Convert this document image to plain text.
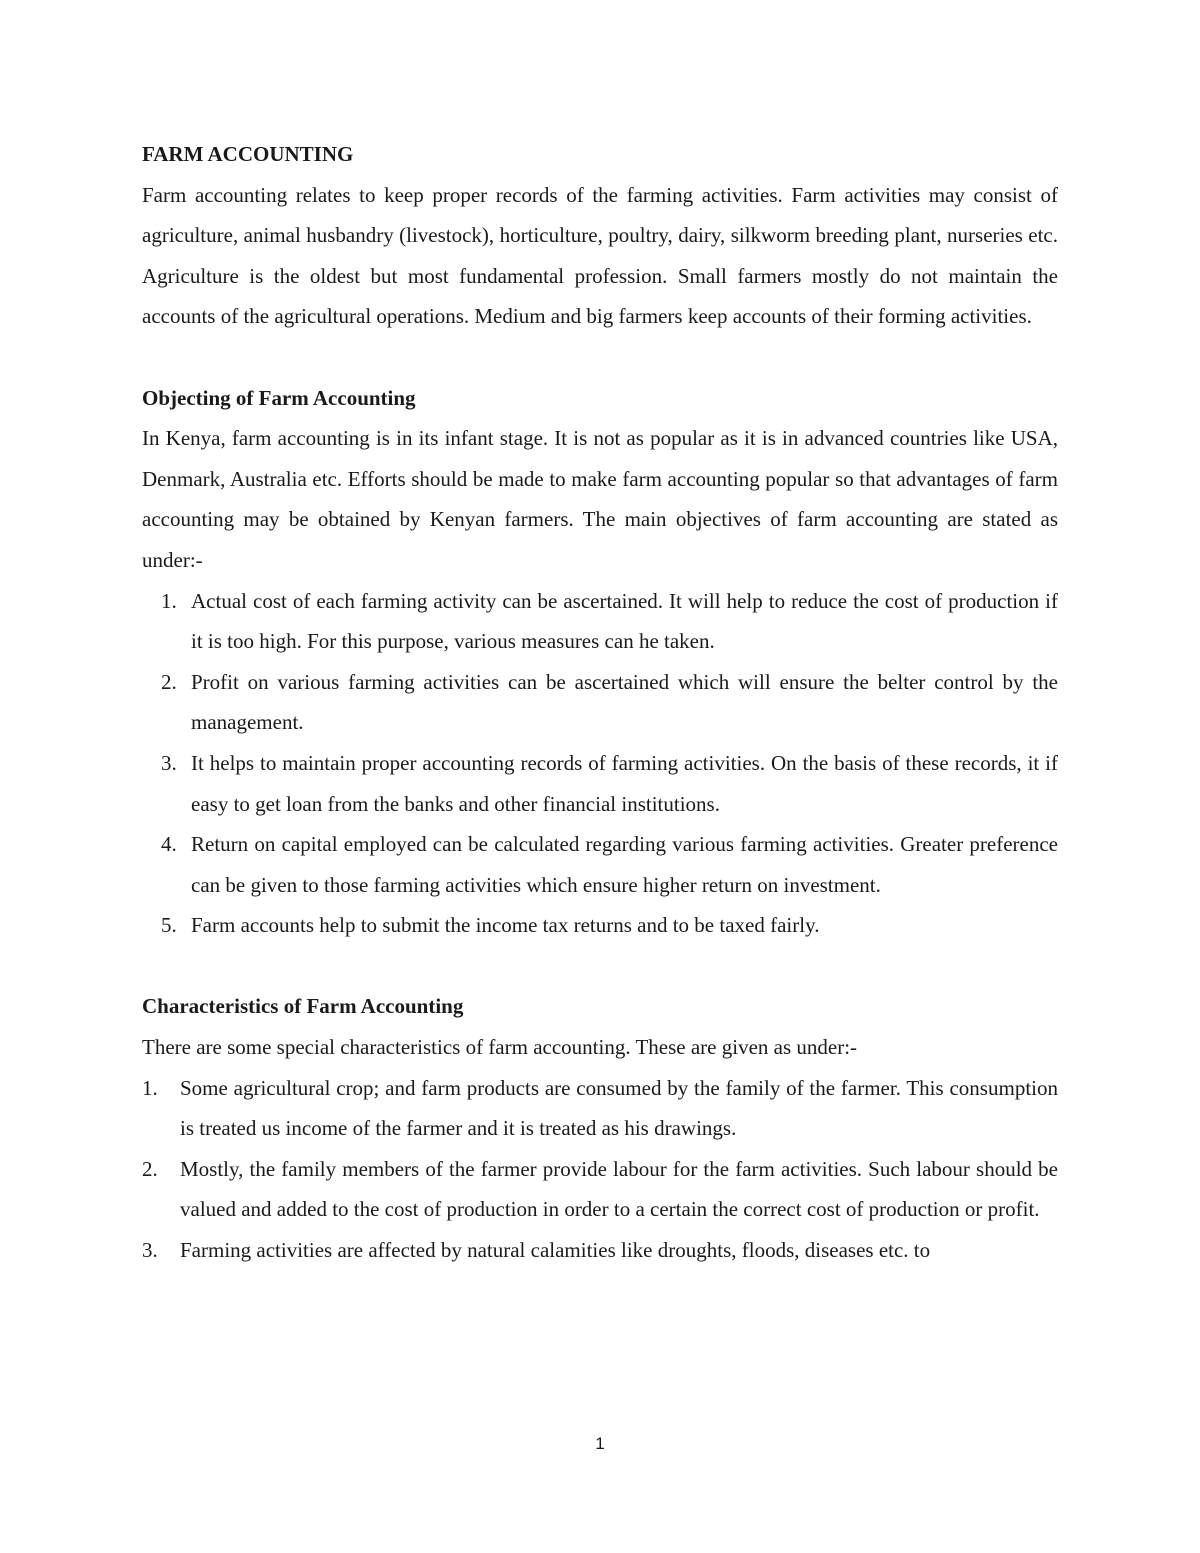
FARM ACCOUNTING

Farm accounting relates to keep proper records of the farming activities. Farm activities may consist of agriculture, animal husbandry (livestock), horticulture, poultry, dairy, silkworm breeding plant, nurseries etc. Agriculture is the oldest but most fundamental profession. Small farmers mostly do not maintain the accounts of the agricultural operations. Medium and big farmers keep accounts of their forming activities.

Objecting of Farm Accounting

In Kenya, farm accounting is in its infant stage. It is not as popular as it is in advanced countries like USA, Denmark, Australia etc. Efforts should be made to make farm accounting popular so that advantages of farm accounting may be obtained by Kenyan farmers. The main objectives of farm accounting are stated as under:-

1. Actual cost of each farming activity can be ascertained. It will help to reduce the cost of production if it is too high. For this purpose, various measures can he taken.
2. Profit on various farming activities can be ascertained which will ensure the belter control by the management.
3. It helps to maintain proper accounting records of farming activities. On the basis of these records, it if easy to get loan from the banks and other financial institutions.
4. Return on capital employed can be calculated regarding various farming activities. Greater preference can be given to those farming activities which ensure higher return on investment.
5. Farm accounts help to submit the income tax returns and to be taxed fairly.
Characteristics of Farm Accounting

There are some special characteristics of farm accounting. These are given as under:-

1. Some agricultural crop; and farm products are consumed by the family of the farmer. This consumption is treated us income of the farmer and it is treated as his drawings.
2. Mostly, the family members of the farmer provide labour for the farm activities. Such labour should be valued and added to the cost of production in order to a certain the correct cost of production or profit.
3. Farming activities are affected by natural calamities like droughts, floods, diseases etc. to
1
